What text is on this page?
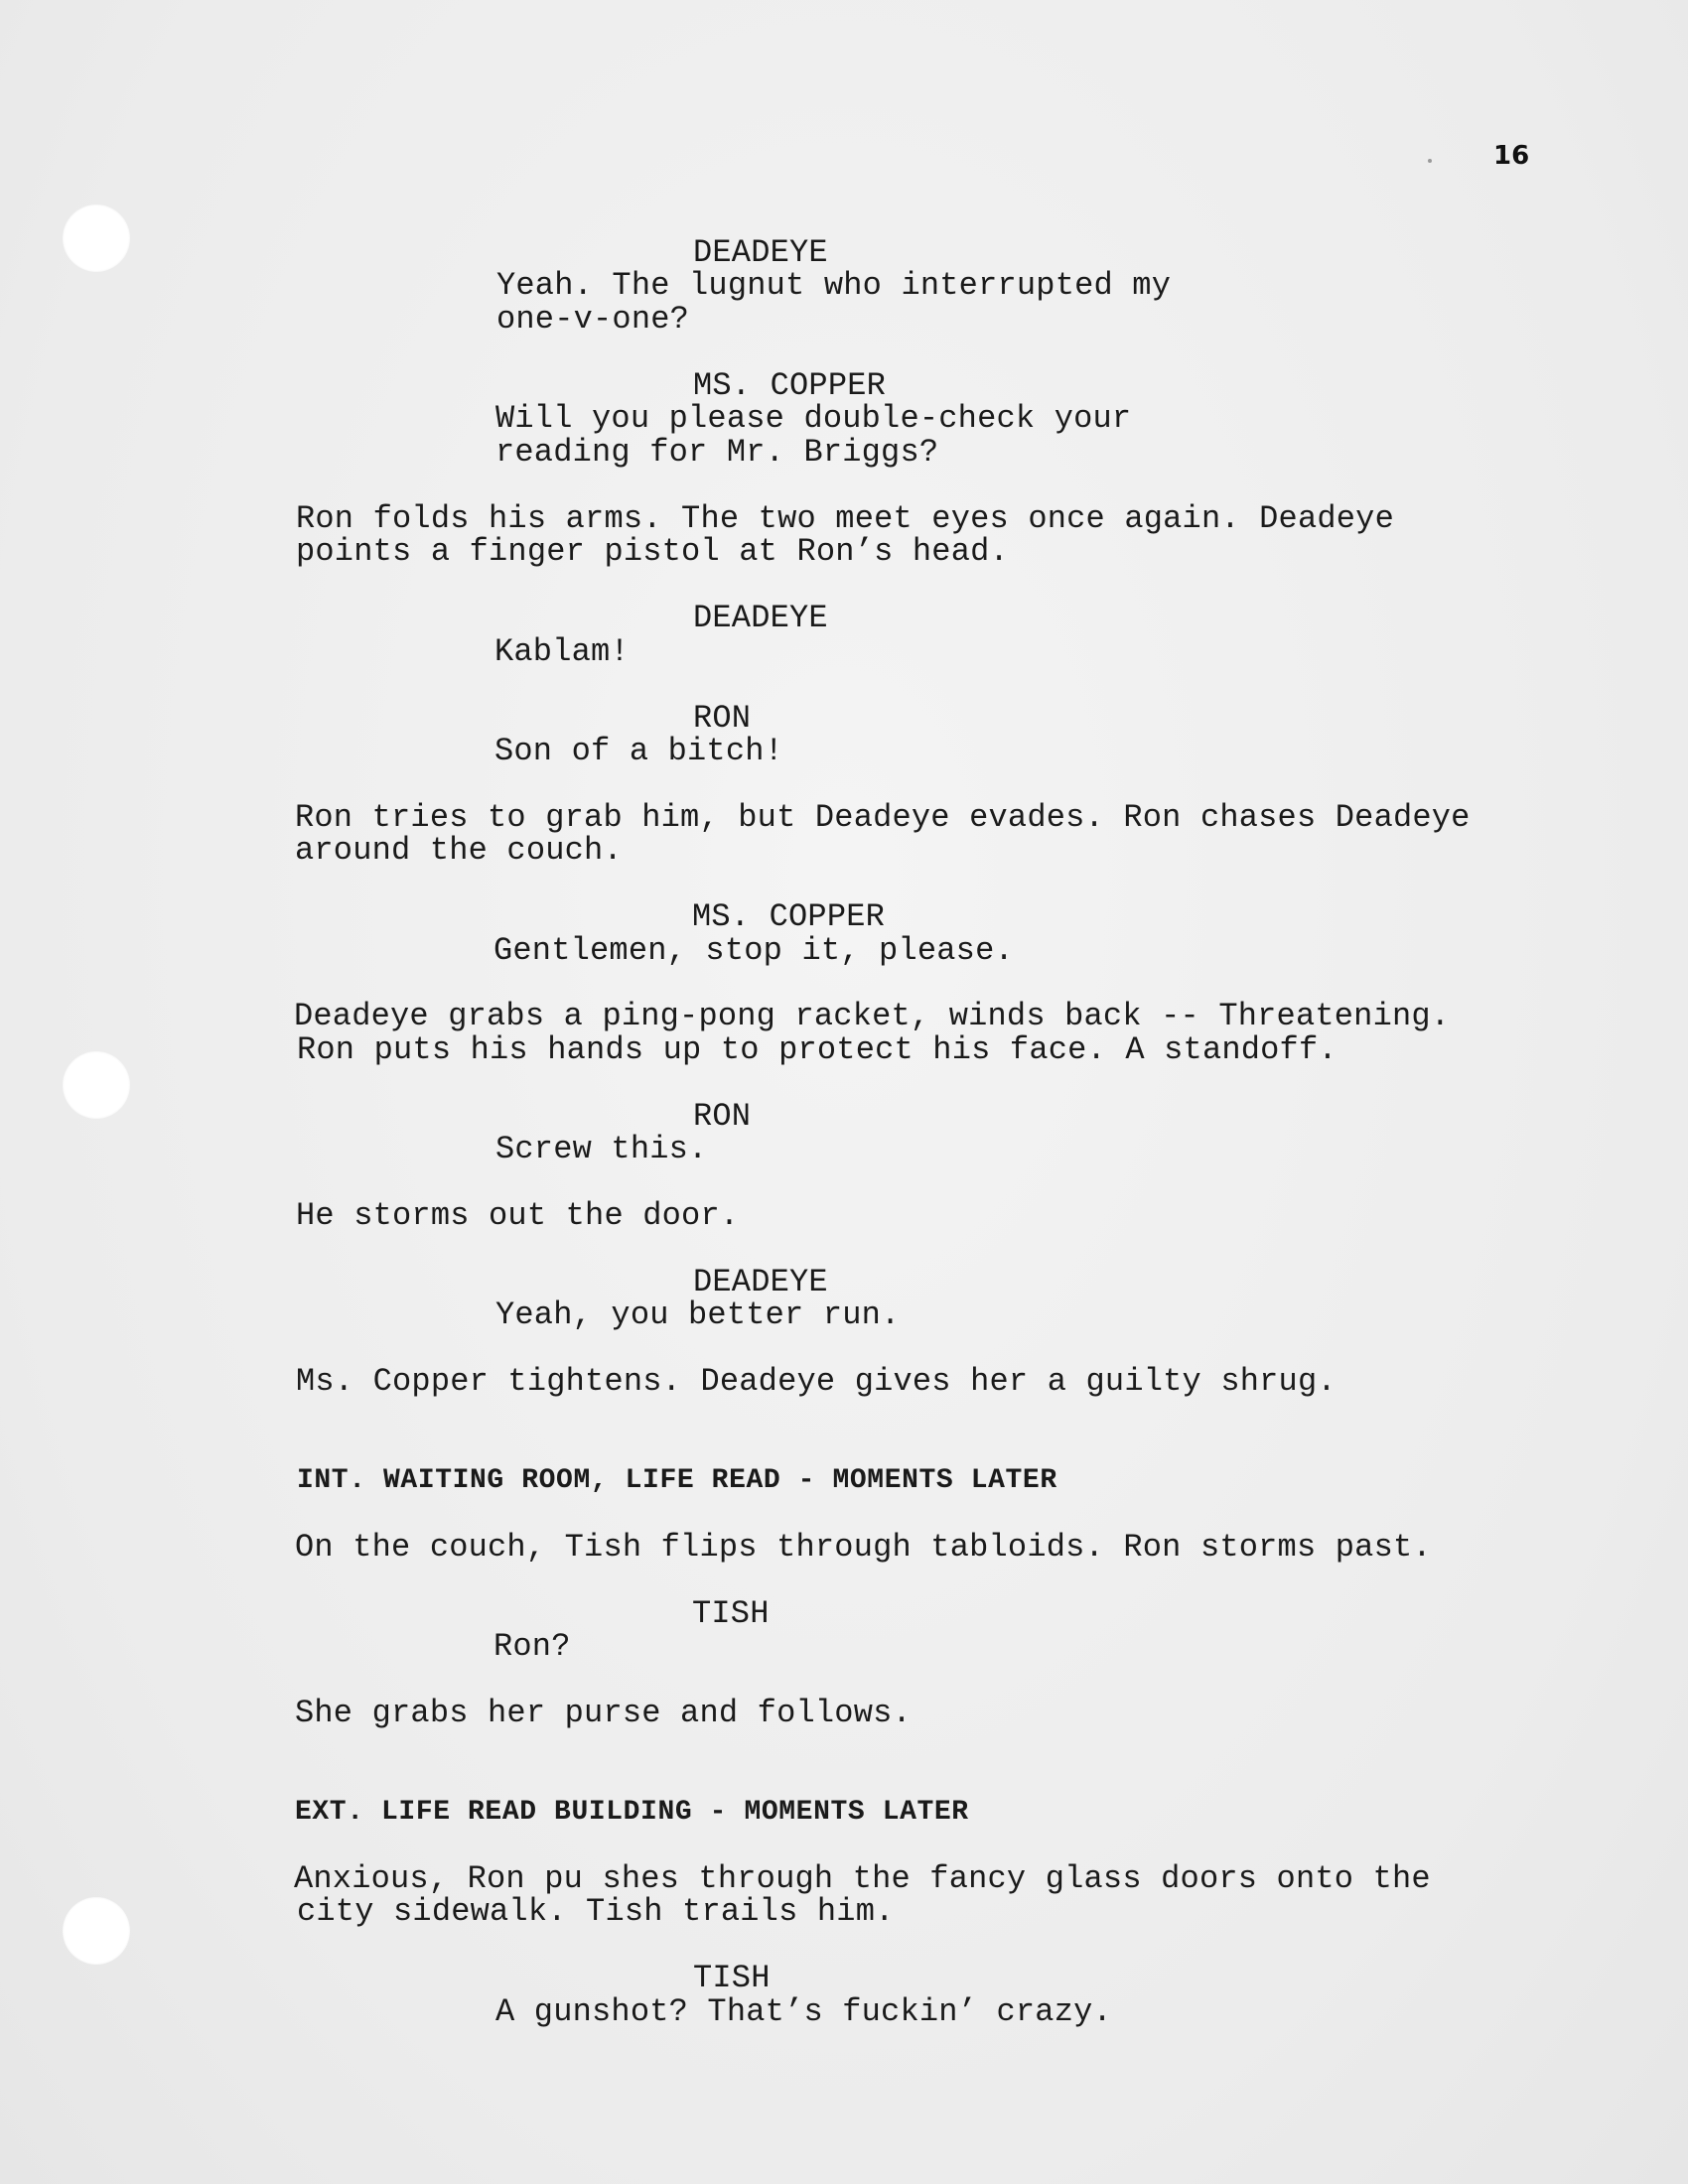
16
DEADEYE
Yeah. The lugnut who interrupted my
one-v-one?
MS. COPPER
Will you please double-check your
reading for Mr. Briggs?
Ron folds his arms. The two meet eyes once again. Deadeye
points a finger pistol at Ron’s head.
DEADEYE
Kablam!
RON
Son of a bitch!
Ron tries to grab him, but Deadeye evades. Ron chases Deadeye
around the couch.
MS. COPPER
Gentlemen, stop it, please.
Deadeye grabs a ping-pong racket, winds back -- Threatening.
Ron puts his hands up to protect his face. A standoff.
RON
Screw this.
He storms out the door.
DEADEYE
Yeah, you better run.
Ms. Copper tightens. Deadeye gives her a guilty shrug.
INT. WAITING ROOM, LIFE READ - MOMENTS LATER
On the couch, Tish flips through tabloids. Ron storms past.
TISH
Ron?
She grabs her purse and follows.
EXT. LIFE READ BUILDING - MOMENTS LATER
Anxious, Ron pu shes through the fancy glass doors onto the
city sidewalk. Tish trails him.
TISH
A gunshot? That’s fuckin’ crazy.
